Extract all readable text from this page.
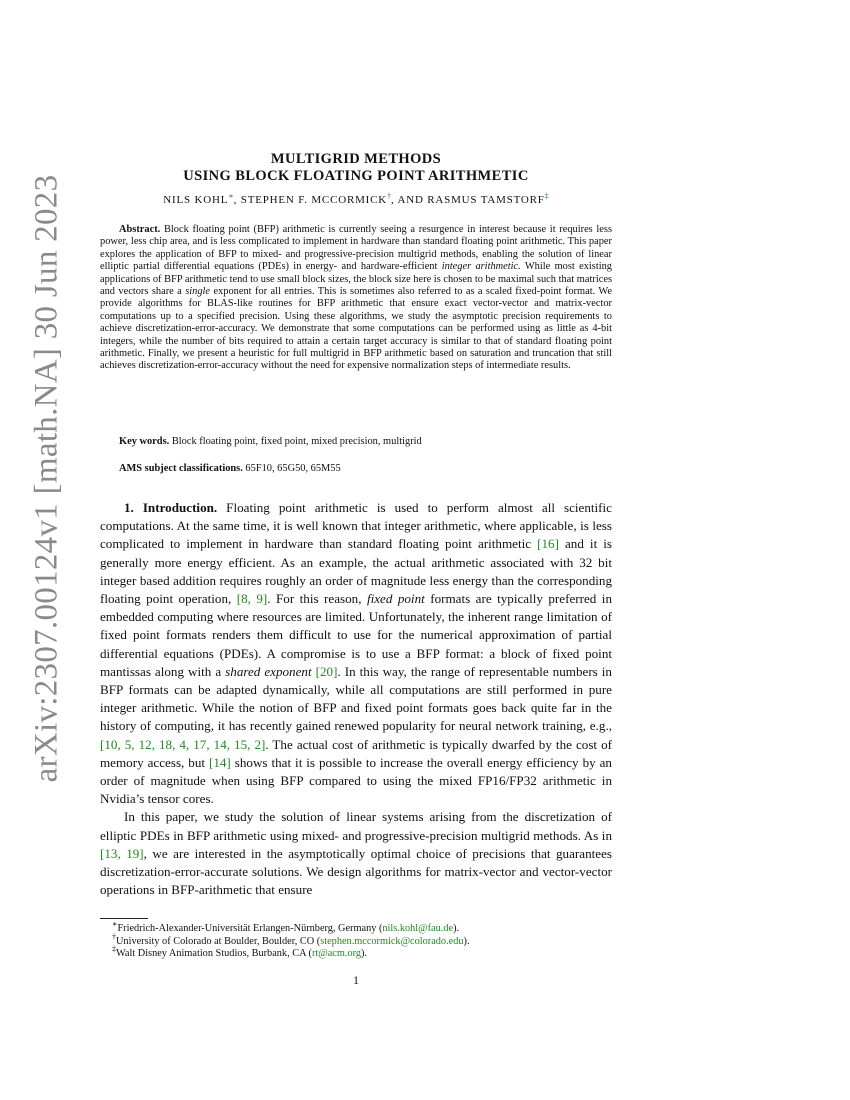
arXiv:2307.00124v1 [math.NA] 30 Jun 2023
MULTIGRID METHODS
USING BLOCK FLOATING POINT ARITHMETIC
NILS KOHL∗, STEPHEN F. MCCORMICK†, AND RASMUS TAMSTORF‡
Abstract. Block floating point (BFP) arithmetic is currently seeing a resurgence in interest because it requires less power, less chip area, and is less complicated to implement in hardware than standard floating point arithmetic. This paper explores the application of BFP to mixed- and progressive-precision multigrid methods, enabling the solution of linear elliptic partial differential equations (PDEs) in energy- and hardware-efficient integer arithmetic. While most existing applications of BFP arithmetic tend to use small block sizes, the block size here is chosen to be maximal such that matrices and vectors share a single exponent for all entries. This is sometimes also referred to as a scaled fixed-point format. We provide algorithms for BLAS-like routines for BFP arithmetic that ensure exact vector-vector and matrix-vector computations up to a specified precision. Using these algorithms, we study the asymptotic precision requirements to achieve discretization-error-accuracy. We demonstrate that some computations can be performed using as little as 4-bit integers, while the number of bits required to attain a certain target accuracy is similar to that of standard floating point arithmetic. Finally, we present a heuristic for full multigrid in BFP arithmetic based on saturation and truncation that still achieves discretization-error-accuracy without the need for expensive normalization steps of intermediate results.
Key words. Block floating point, fixed point, mixed precision, multigrid
AMS subject classifications. 65F10, 65G50, 65M55

1. Introduction. Floating point arithmetic is used to perform almost all scientific computations. At the same time, it is well known that integer arithmetic, where applicable, is less complicated to implement in hardware than standard floating point arithmetic [16] and it is generally more energy efficient. As an example, the actual arithmetic associated with 32 bit integer based addition requires roughly an order of magnitude less energy than the corresponding floating point operation, [8, 9]. For this reason, fixed point formats are typically preferred in embedded computing where resources are limited. Unfortunately, the inherent range limitation of fixed point formats renders them difficult to use for the numerical approximation of partial differential equations (PDEs). A compromise is to use a BFP format: a block of fixed point mantissas along with a shared exponent [20]. In this way, the range of representable numbers in BFP formats can be adapted dynamically, while all computations are still performed in pure integer arithmetic. While the notion of BFP and fixed point formats goes back quite far in the history of computing, it has recently gained renewed popularity for neural network training, e.g., [10, 5, 12, 18, 4, 17, 14, 15, 2]. The actual cost of arithmetic is typically dwarfed by the cost of memory access, but [14] shows that it is possible to increase the overall energy efficiency by an order of magnitude when using BFP compared to using the mixed FP16/FP32 arithmetic in Nvidia’s tensor cores.

In this paper, we study the solution of linear systems arising from the discretization of elliptic PDEs in BFP arithmetic using mixed- and progressive-precision multigrid methods. As in [13, 19], we are interested in the asymptotically optimal choice of precisions that guarantees discretization-error-accurate solutions. We design algorithms for matrix-vector and vector-vector operations in BFP-arithmetic that ensure

∗Friedrich-Alexander-Universität Erlangen-Nürnberg, Germany (nils.kohl@fau.de).
†University of Colorado at Boulder, Boulder, CO (stephen.mccormick@colorado.edu).
‡Walt Disney Animation Studios, Burbank, CA (rt@acm.org).
1
